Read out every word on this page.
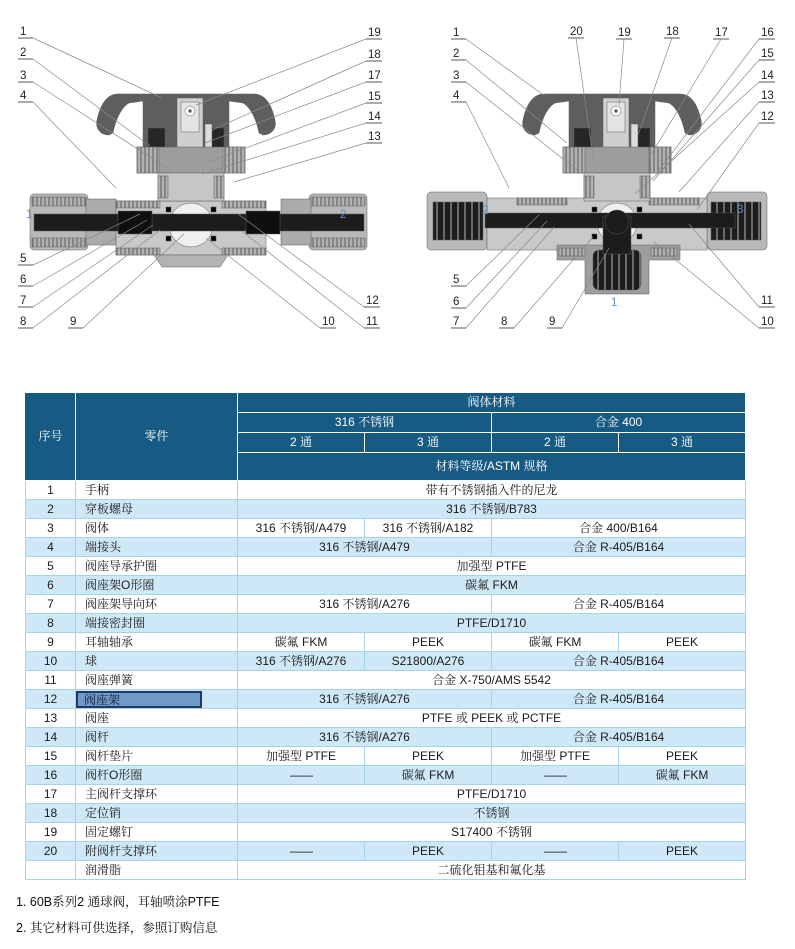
1
2
3
4
19
18
17
15
14
13
5
6
7
8	9
12
10	11
1	2
1
2
3
4
20	19	18	17	16
15
14
13
12
5
6
7	8	9
11
10
2	3
1
序号	零件	阀体材料			
		316 不锈钢		合金 400	
		2 通	3 通	2 通	3 通
		材料等级/ASTM 规格			
1	手柄	带有不锈钢插入件的尼龙			
2	穿板螺母	316 不锈钢/B783			
3	阀体	316 不锈钢/A479	316 不锈钢/A182	合金 400/B164	
4	端接头	316 不锈钢/A479		合金 R-405/B164	
5	阀座导承护圈	加强型 PTFE			
6	阀座架O形圈	碳氟 FKM			
7	阀座架导向环	316 不锈钢/A276		合金 R-405/B164	
8	端接密封圈	PTFE/D1710			
9	耳轴轴承	碳氟 FKM	PEEK	碳氟 FKM	PEEK
10	球	316 不锈钢/A276	S21800/A276	合金 R-405/B164	
11	阀座弹簧	合金 X-750/AMS 5542			
12	阀座架	316 不锈钢/A276		合金 R-405/B164	
13	阀座	PTFE 或 PEEK 或 PCTFE			
14	阀杆	316 不锈钢/A276		合金 R-405/B164	
15	阀杆垫片	加强型 PTFE	PEEK	加强型 PTFE	PEEK
16	阀杆O形圈	——	碳氟 FKM	——	碳氟 FKM
17	主阀杆支撑环	PTFE/D1710			
18	定位销	不锈钢			
19	固定螺钉	S17400 不锈钢			
20	附阀杆支撑环	——	PEEK	——	PEEK
	润滑脂	二硫化钼基和氟化基			
1. 60B系列2 通球阀，耳轴喷涂PTFE
2. 其它材料可供选择，参照订购信息
